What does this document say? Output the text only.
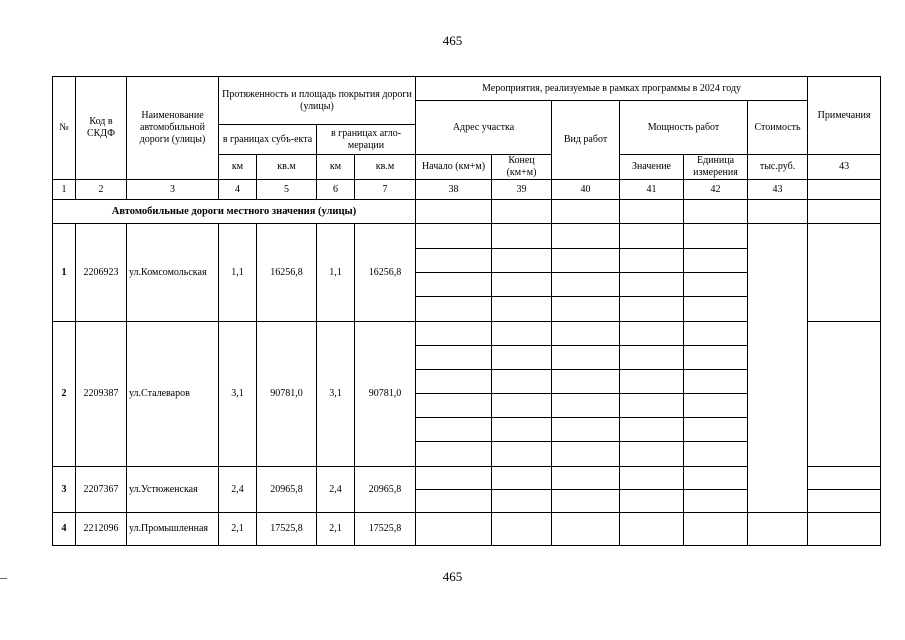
465
№	Код в СКДФ	Наименование автомобильной дороги (улицы)	Протяженность и площадь покрытия дороги (улицы)				Мероприятия, реализуемые в рамках программы в 2024 году						Примечания
							Адрес участка		Вид работ	Мощность работ		Стоимость	
			в границах субъ-екта		в границах агло-мерации								
			км	кв.м	км	кв.м	Начало (км+м)	Конец (км+м)		Значение	Единица измерения	тыс.руб.	43
1	2	3	4	5	6	7	38	39	40	41	42	43	
Автомобильные дороги местного значения (улицы)													
1	2206923	ул.Комсомольская	1,1	16256,8	1,1	16256,8							

2	2209387	ул.Сталеваров	3,1	90781,0	3,1	90781,0							

3	2207367	ул.Устюженская	2,4	20965,8	2,4	20965,8							

4	2212096	ул.Промышленная	2,1	17525,8	2,1	17525,8							
465
